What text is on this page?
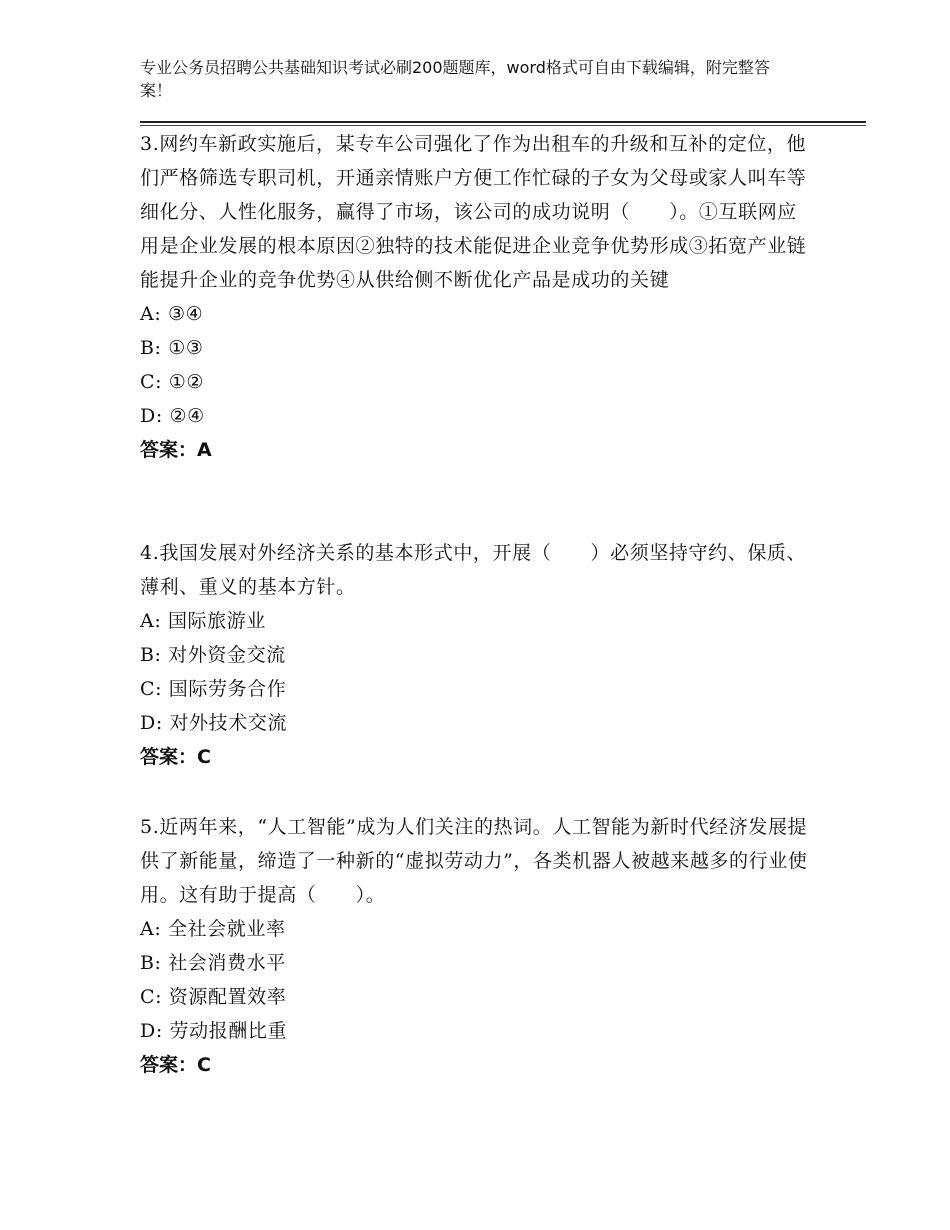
专业公务员招聘公共基础知识考试必刷200题题库，word格式可自由下载编辑，附完整答案！

3.网约车新政实施后，某专车公司强化了作为出租车的升级和互补的定位，他们严格筛选专职司机，开通亲情账户方便工作忙碌的子女为父母或家人叫车等细化分、人性化服务，赢得了市场，该公司的成功说明（　　）。①互联网应用是企业发展的根本原因②独特的技术能促进企业竞争优势形成③拓宽产业链能提升企业的竞争优势④从供给侧不断优化产品是成功的关键

A: ③④

B: ①③

C: ①②

D: ②④

答案：A

4.我国发展对外经济关系的基本形式中，开展（　　）必须坚持守约、保质、薄利、重义的基本方针。

A: 国际旅游业

B: 对外资金交流

C: 国际劳务合作

D: 对外技术交流

答案：C

5.近两年来，“人工智能”成为人们关注的热词。人工智能为新时代经济发展提供了新能量，缔造了一种新的“虚拟劳动力”，各类机器人被越来越多的行业使用。这有助于提高（　　）。

A: 全社会就业率

B: 社会消费水平

C: 资源配置效率

D: 劳动报酬比重

答案：C
